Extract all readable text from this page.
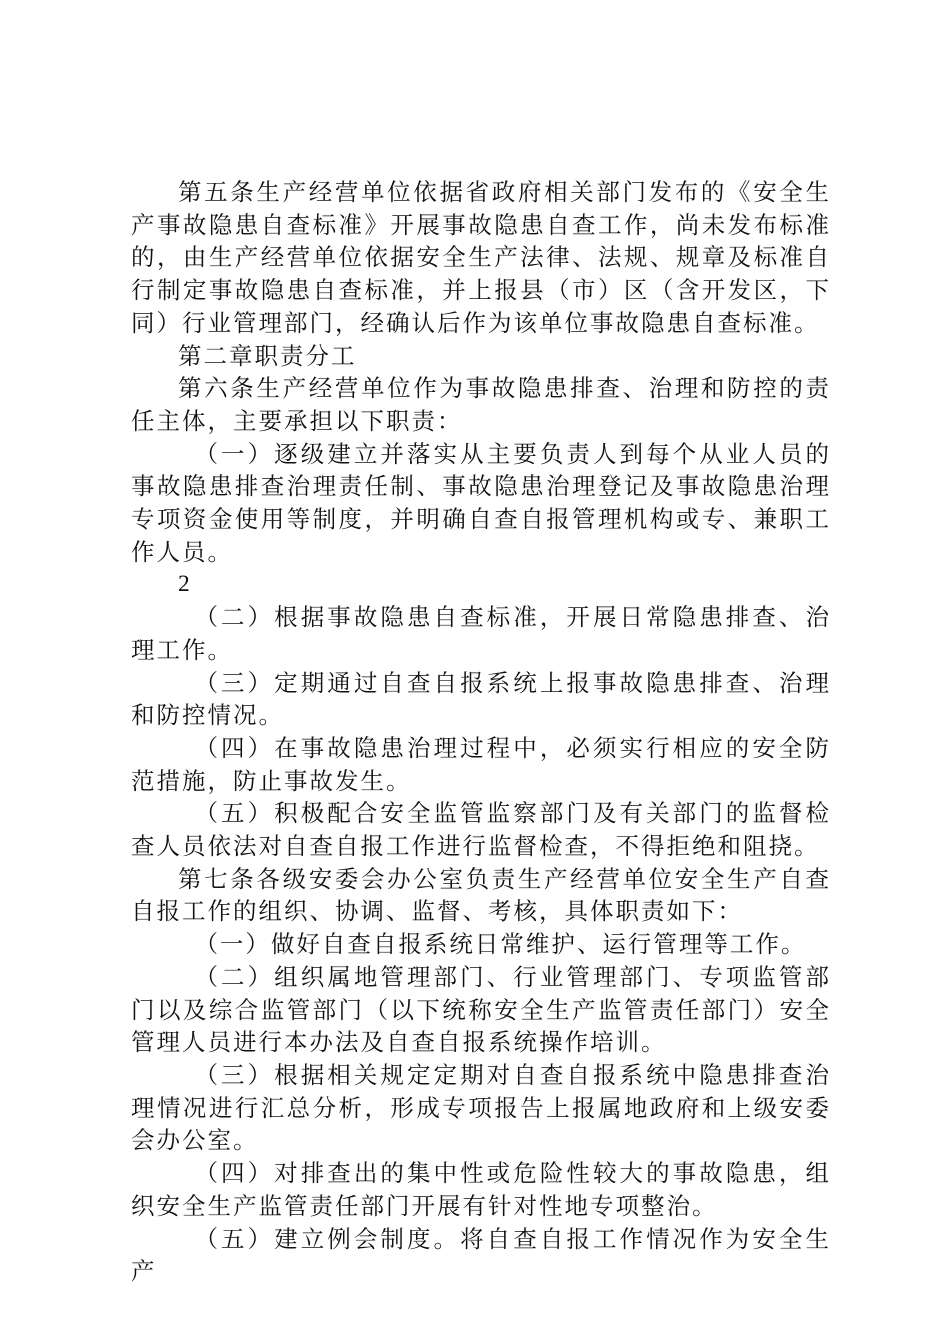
第五条生产经营单位依据省政府相关部门发布的《安全生产事故隐患自查标准》开展事故隐患自查工作，尚未发布标准的，由生产经营单位依据安全生产法律、法规、规章及标准自行制定事故隐患自查标准，并上报县（市）区（含开发区，下同）行业管理部门，经确认后作为该单位事故隐患自查标准。

第二章职责分工

第六条生产经营单位作为事故隐患排查、治理和防控的责任主体，主要承担以下职责：

（一）逐级建立并落实从主要负责人到每个从业人员的事故隐患排查治理责任制、事故隐患治理登记及事故隐患治理专项资金使用等制度，并明确自查自报管理机构或专、兼职工作人员。

2

（二）根据事故隐患自查标准，开展日常隐患排查、治理工作。

（三）定期通过自查自报系统上报事故隐患排查、治理和防控情况。

（四）在事故隐患治理过程中，必须实行相应的安全防范措施，防止事故发生。

（五）积极配合安全监管监察部门及有关部门的监督检查人员依法对自查自报工作进行监督检查，不得拒绝和阻挠。

第七条各级安委会办公室负责生产经营单位安全生产自查自报工作的组织、协调、监督、考核，具体职责如下：

（一）做好自查自报系统日常维护、运行管理等工作。

（二）组织属地管理部门、行业管理部门、专项监管部门以及综合监管部门（以下统称安全生产监管责任部门）安全管理人员进行本办法及自查自报系统操作培训。

（三）根据相关规定定期对自查自报系统中隐患排查治理情况进行汇总分析，形成专项报告上报属地政府和上级安委会办公室。

（四）对排查出的集中性或危险性较大的事故隐患，组织安全生产监管责任部门开展有针对性地专项整治。

（五）建立例会制度。将自查自报工作情况作为安全生产
